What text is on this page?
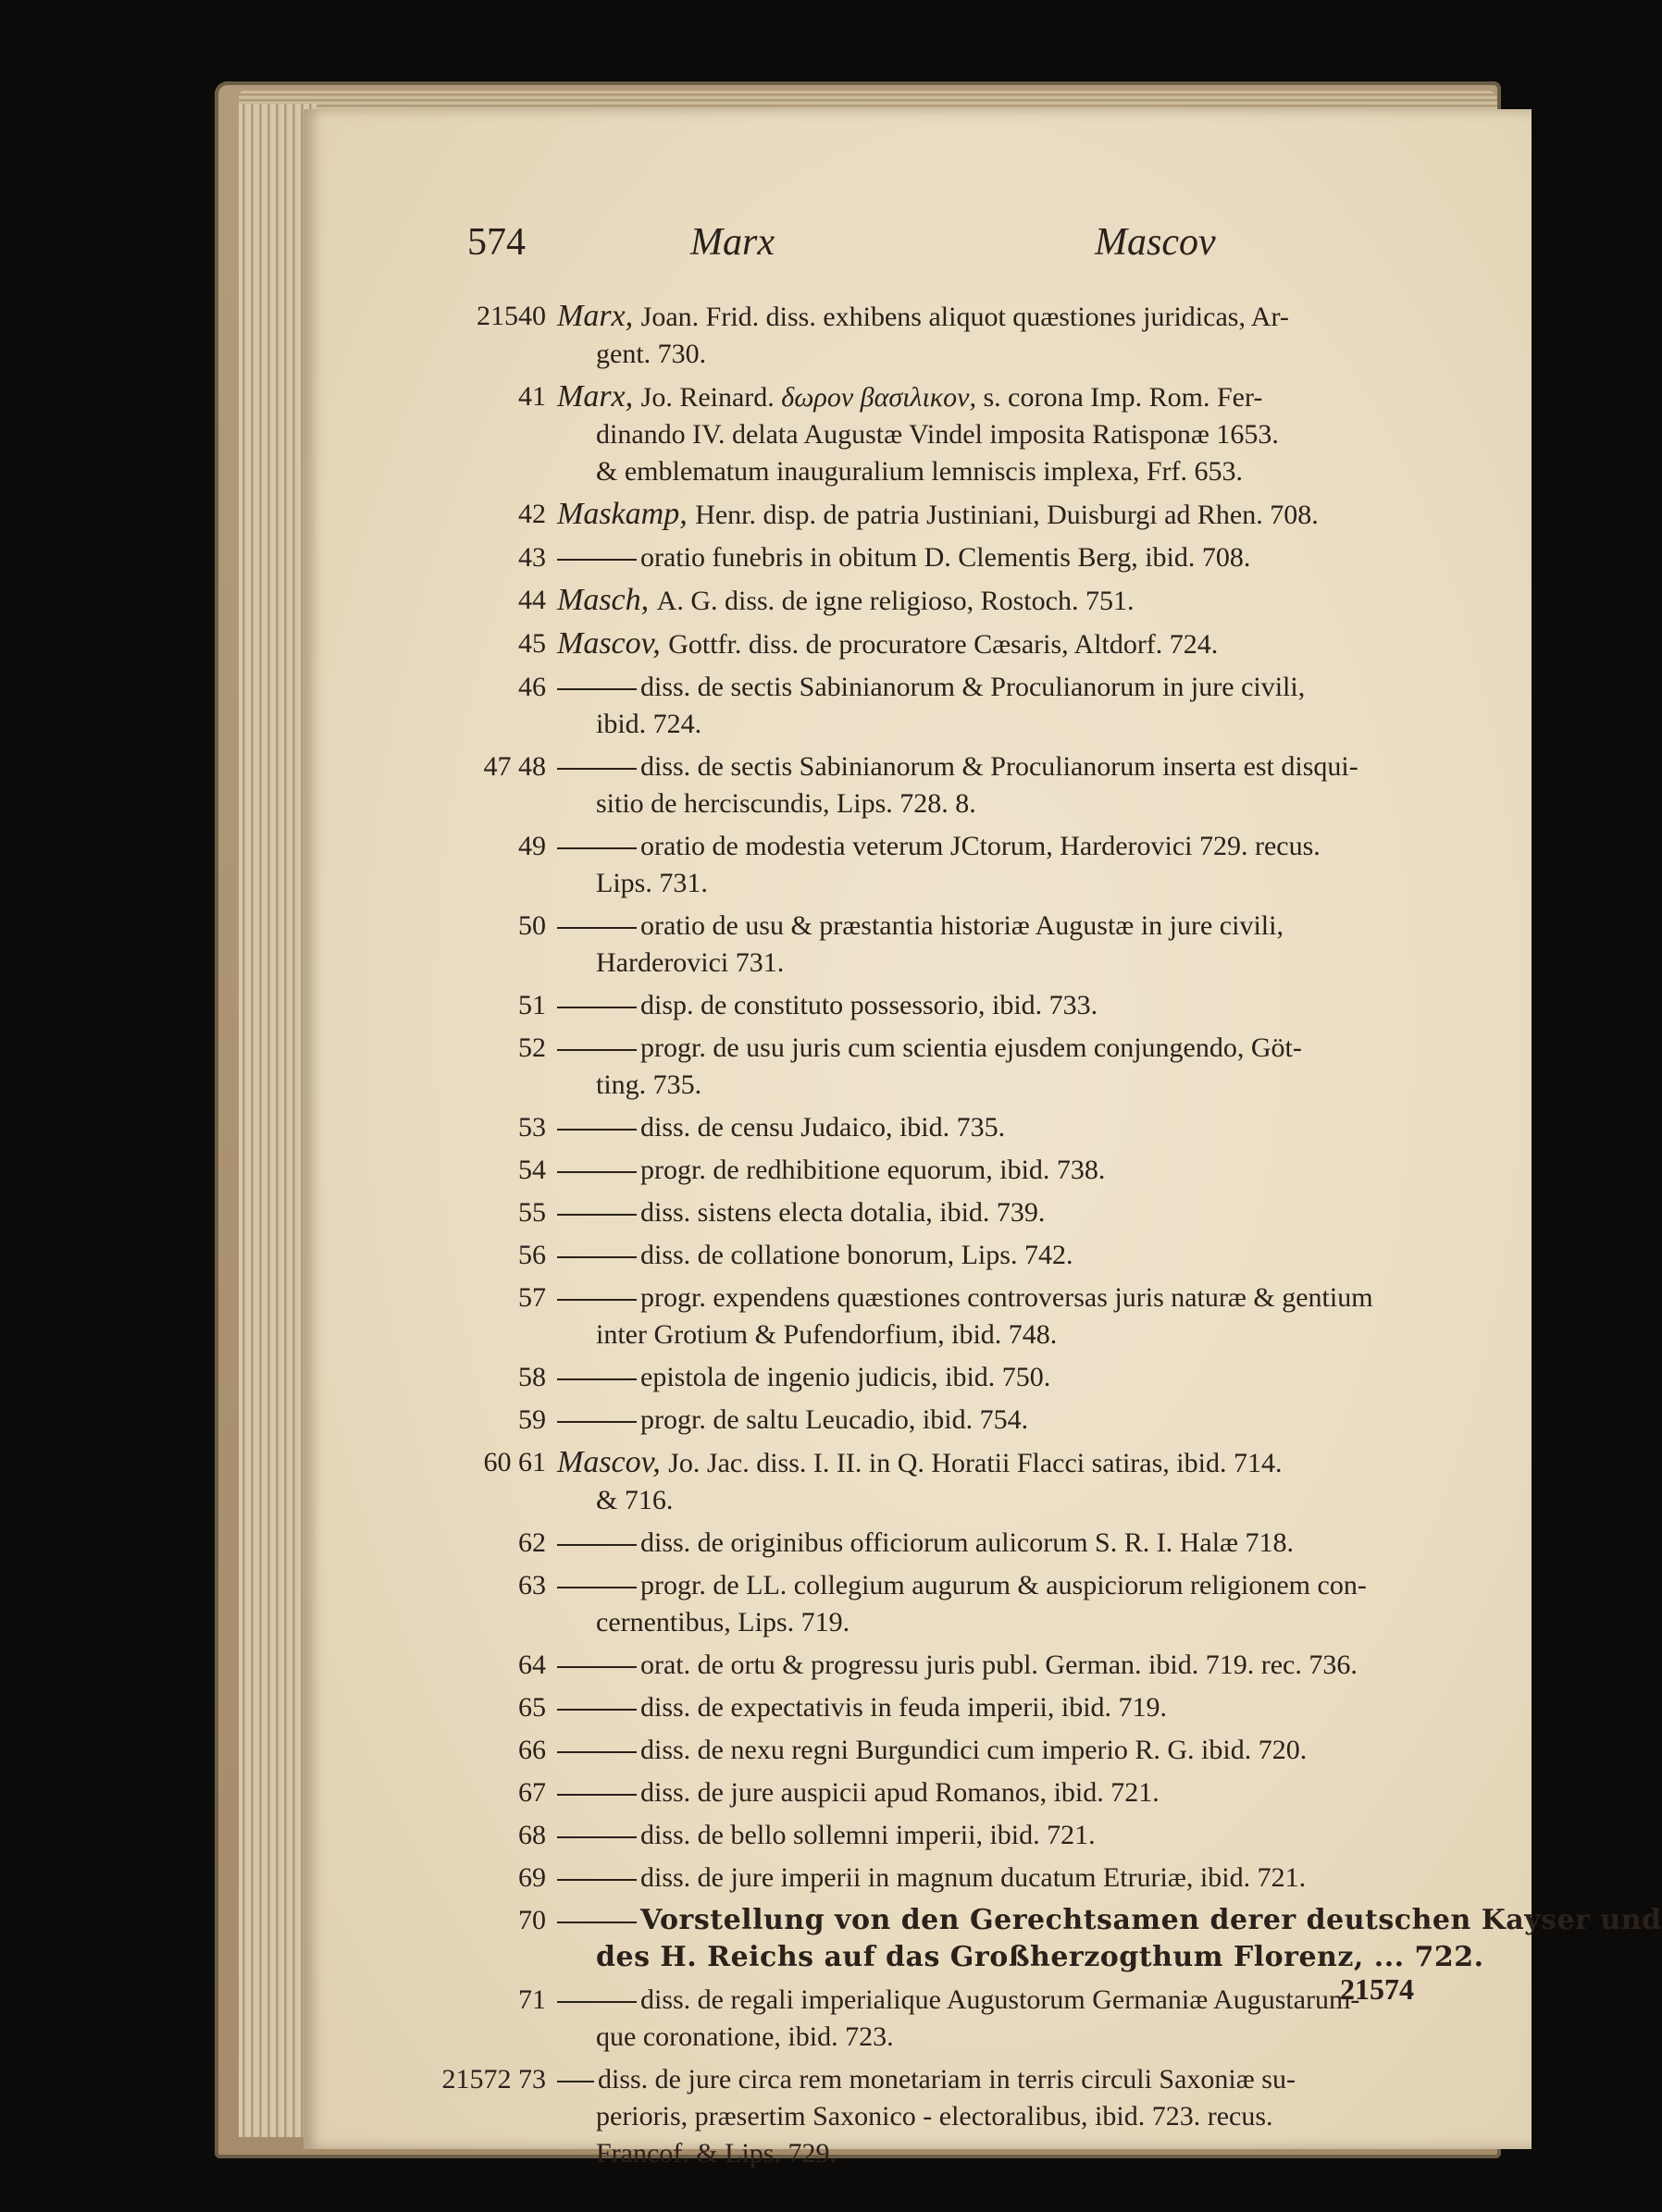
574	Marx	Mascov
21540 Marx, Joan. Frid. diss. exhibens aliquot quæstiones juridicas, Ar-
gent. 730.
41 Marx, Jo. Reinard. δωρον βασιλικον, s. corona Imp. Rom. Fer-
dinando IV. delata Augustæ Vindel imposita Ratisponæ 1653.
& emblematum inauguralium lemniscis implexa, Frf. 653.
42 Maskamp, Henr. disp. de patria Justiniani, Duisburgi ad Rhen. 708.
43	oratio funebris in obitum D. Clementis Berg, ibid. 708.
44 Masch, A. G. diss. de igne religioso, Rostoch. 751.
45 Mascov, Gottfr. diss. de procuratore Cæsaris, Altdorf. 724.
46	diss. de sectis Sabinianorum & Proculianorum in jure civili,
ibid. 724.
47 48	diss. de sectis Sabinianorum & Proculianorum inserta est disqui-
sitio de herciscundis, Lips. 728. 8.
49	oratio de modestia veterum JCtorum, Harderovici 729. recus.
Lips. 731.
50	oratio de usu & præstantia historiæ Augustæ in jure civili,
Harderovici 731.
51	disp. de constituto possessorio, ibid. 733.
52	progr. de usu juris cum scientia ejusdem conjungendo, Göt-
ting. 735.
53	diss. de censu Judaico, ibid. 735.
54	progr. de redhibitione equorum, ibid. 738.
55	diss. sistens electa dotalia, ibid. 739.
56	diss. de collatione bonorum, Lips. 742.
57	progr. expendens quæstiones controversas juris naturæ & gentium
inter Grotium & Pufendorfium, ibid. 748.
58	epistola de ingenio judicis, ibid. 750.
59	progr. de saltu Leucadio, ibid. 754.
60 61 Mascov, Jo. Jac. diss. I. II. in Q. Horatii Flacci satiras, ibid. 714.
& 716.
62	diss. de originibus officiorum aulicorum S. R. I. Halæ 718.
63	progr. de LL. collegium augurum & auspiciorum religionem con-
cernentibus, Lips. 719.
64	orat. de ortu & progressu juris publ. German. ibid. 719. rec. 736.
65	diss. de expectativis in feuda imperii, ibid. 719.
66	diss. de nexu regni Burgundici cum imperio R. G. ibid. 720.
67	diss. de jure auspicii apud Romanos, ibid. 721.
68	diss. de bello sollemni imperii, ibid. 721.
69	diss. de jure imperii in magnum ducatum Etruriæ, ibid. 721.
70	Vorstellung von den Gerechtsamen derer deutschen Kayser und
des H. Reichs auf das Großherzogthum Florenz, ... 722.
71	diss. de regali imperialique Augustorum Germaniæ Augustarum-
que coronatione, ibid. 723.
21572 73	diss. de jure circa rem monetariam in terris circuli Saxoniæ su-
perioris, præsertim Saxonico - electoralibus, ibid. 723. recus.
Francof. & Lips. 729.
21574
